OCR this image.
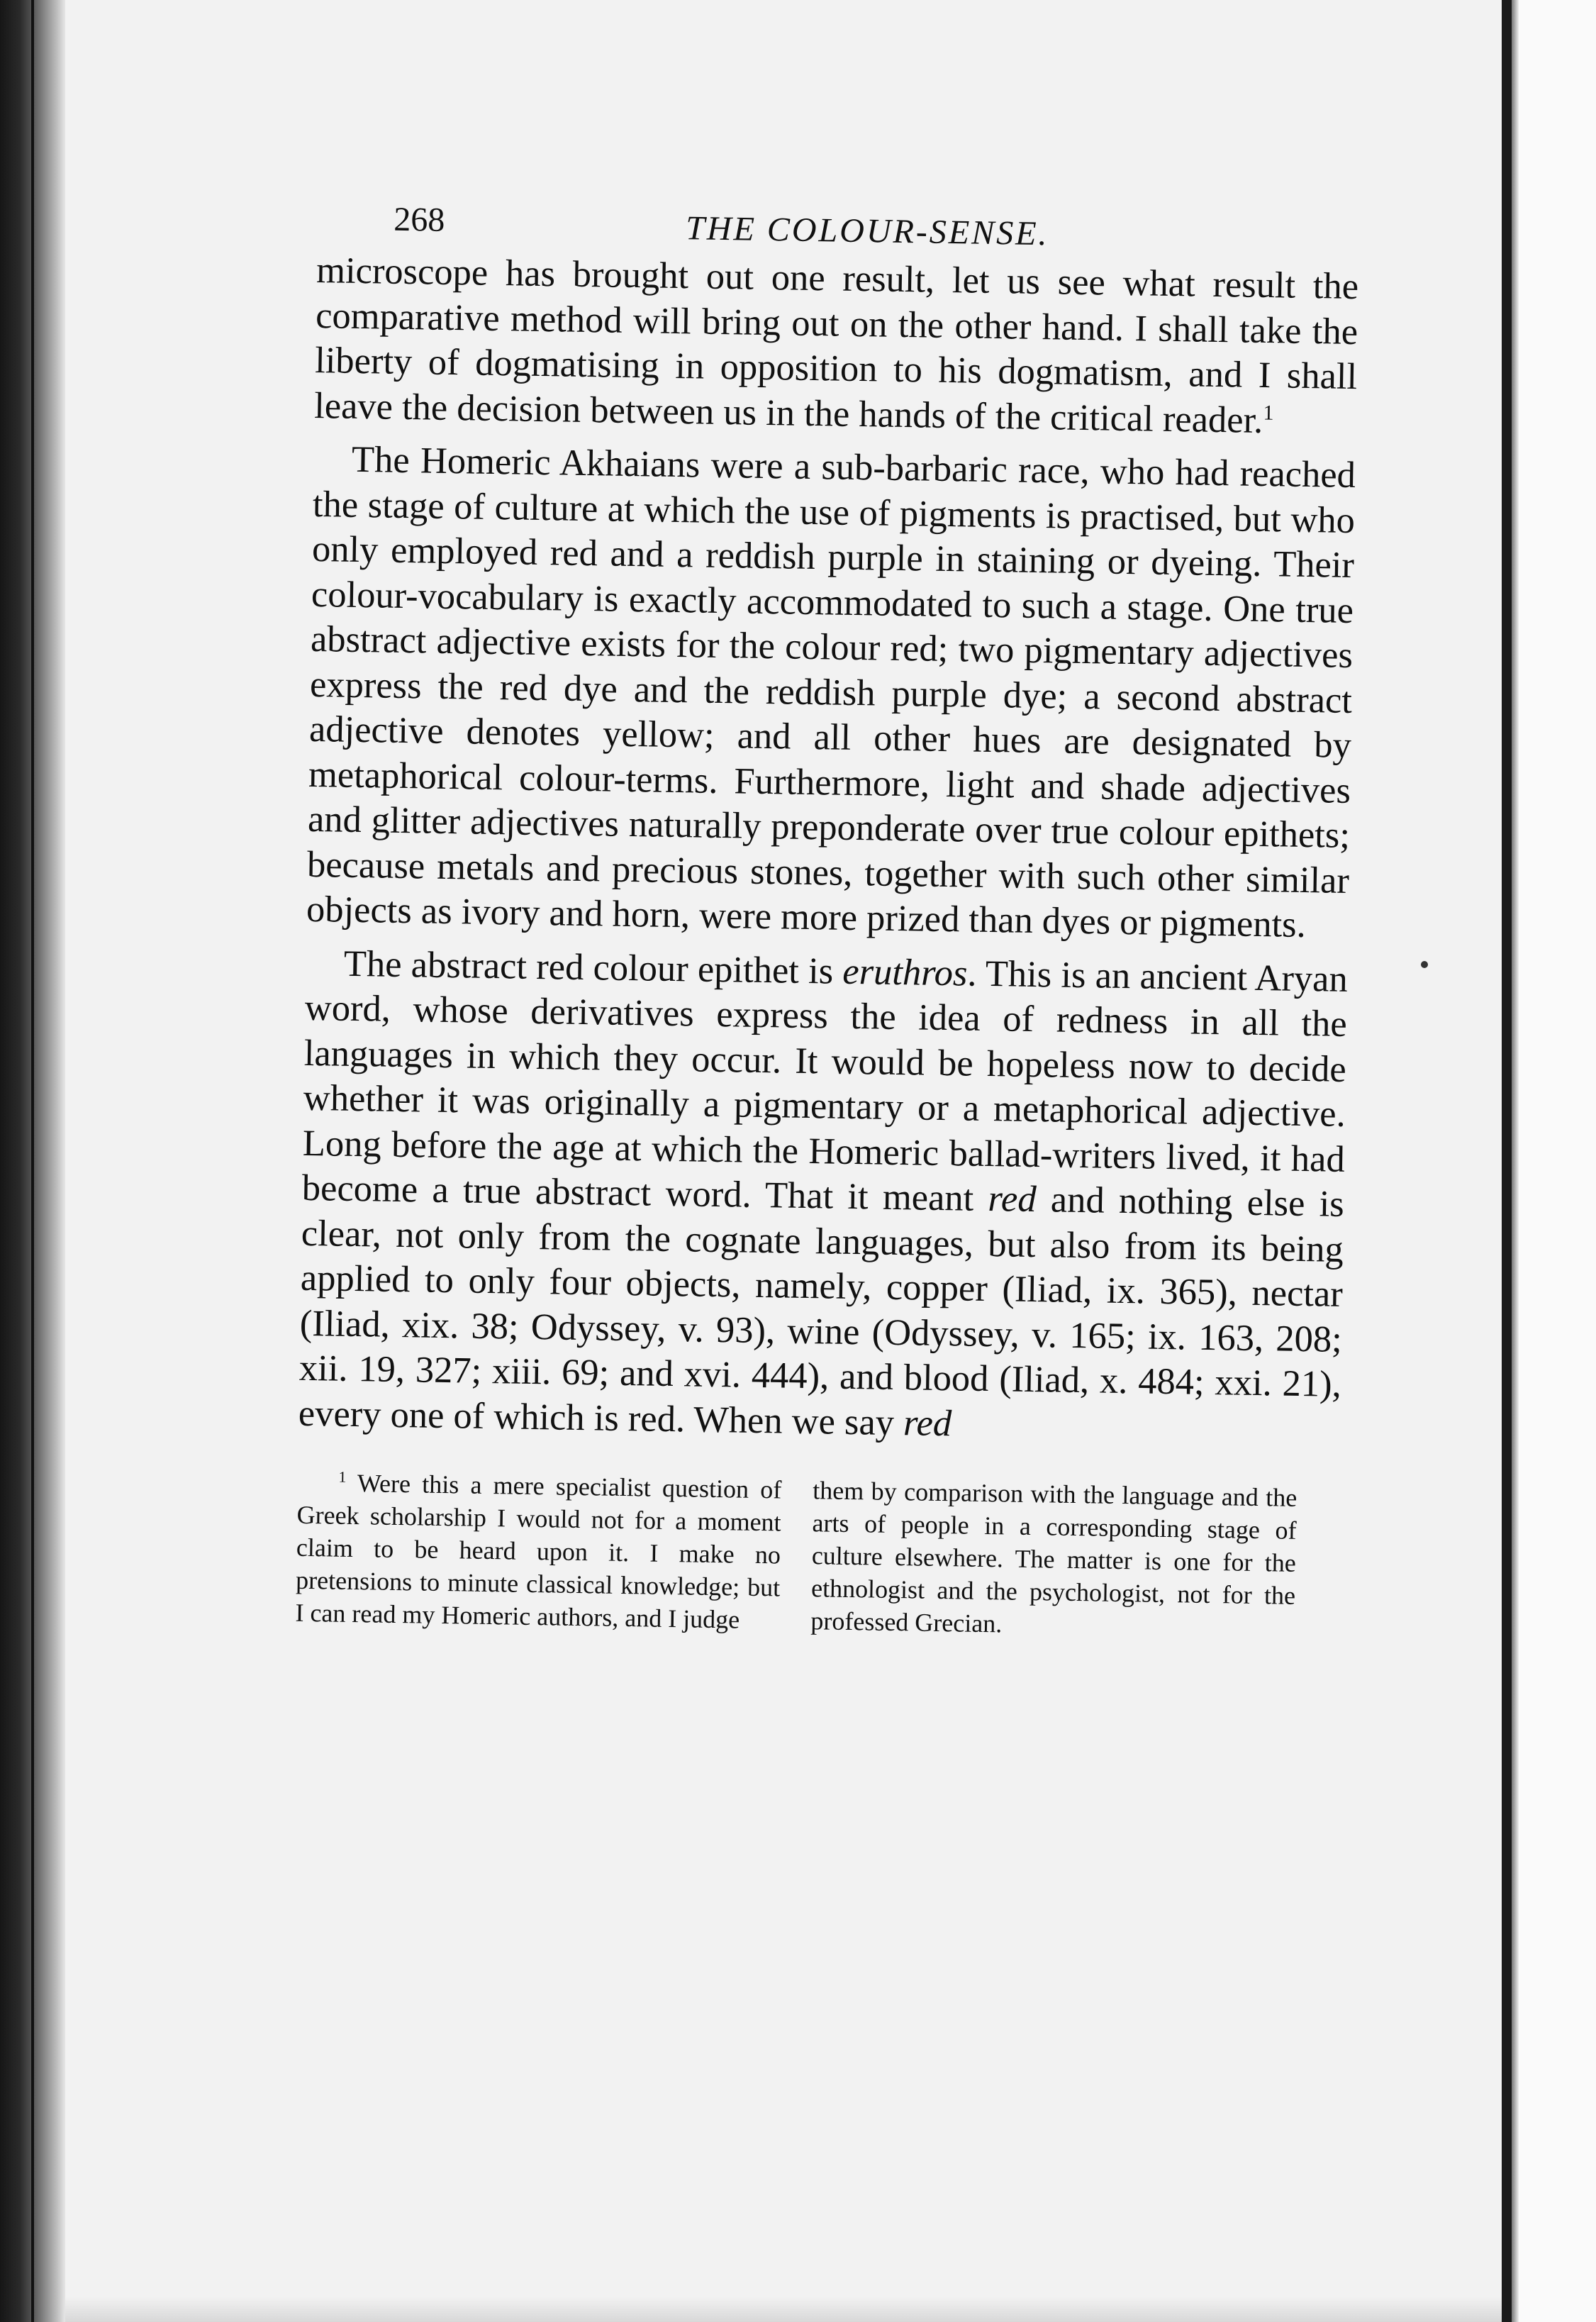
268	THE COLOUR-SENSE.

microscope has brought out one result, let us see what result the comparative method will bring out on the other hand. I shall take the liberty of dogmatising in opposition to his dogmatism, and I shall leave the decision between us in the hands of the critical reader.$^1$

The Homeric Akhaians were a sub-barbaric race, who had reached the stage of culture at which the use of pigments is practised, but who only employed red and a reddish purple in staining or dyeing. Their colour-vocabulary is exactly accommodated to such a stage. One true abstract adjective exists for the colour red; two pigmentary adjectives express the red dye and the reddish purple dye; a second abstract adjective denotes yellow; and all other hues are designated by metaphorical colour-terms. Furthermore, light and shade adjectives and glitter adjectives naturally preponderate over true colour epithets; because metals and precious stones, together with such other similar objects as ivory and horn, were more prized than dyes or pigments.

The abstract red colour epithet is eruthros. This is an ancient Aryan word, whose derivatives express the idea of redness in all the languages in which they occur. It would be hopeless now to decide whether it was originally a pigmentary or a metaphorical adjective. Long before the age at which the Homeric ballad-writers lived, it had become a true abstract word. That it meant red and nothing else is clear, not only from the cognate languages, but also from its being applied to only four objects, namely, copper (Iliad, ix. 365), nectar (Iliad, xix. 38; Odyssey, v. 93), wine (Odyssey, v. 165; ix. 163, 208; xii. 19, 327; xiii. 69; and xvi. 444), and blood (Iliad, x. 484; xxi. 21), every one of which is red. When we say red

$^1$ Were this a mere specialist question of Greek scholarship I would not for a moment claim to be heard upon it. I make no pretensions to minute classical knowledge; but I can read my Homeric authors, and I judge
them by comparison with the language and the arts of people in a corresponding stage of culture elsewhere. The matter is one for the ethnologist and the psychologist, not for the professed Grecian.
